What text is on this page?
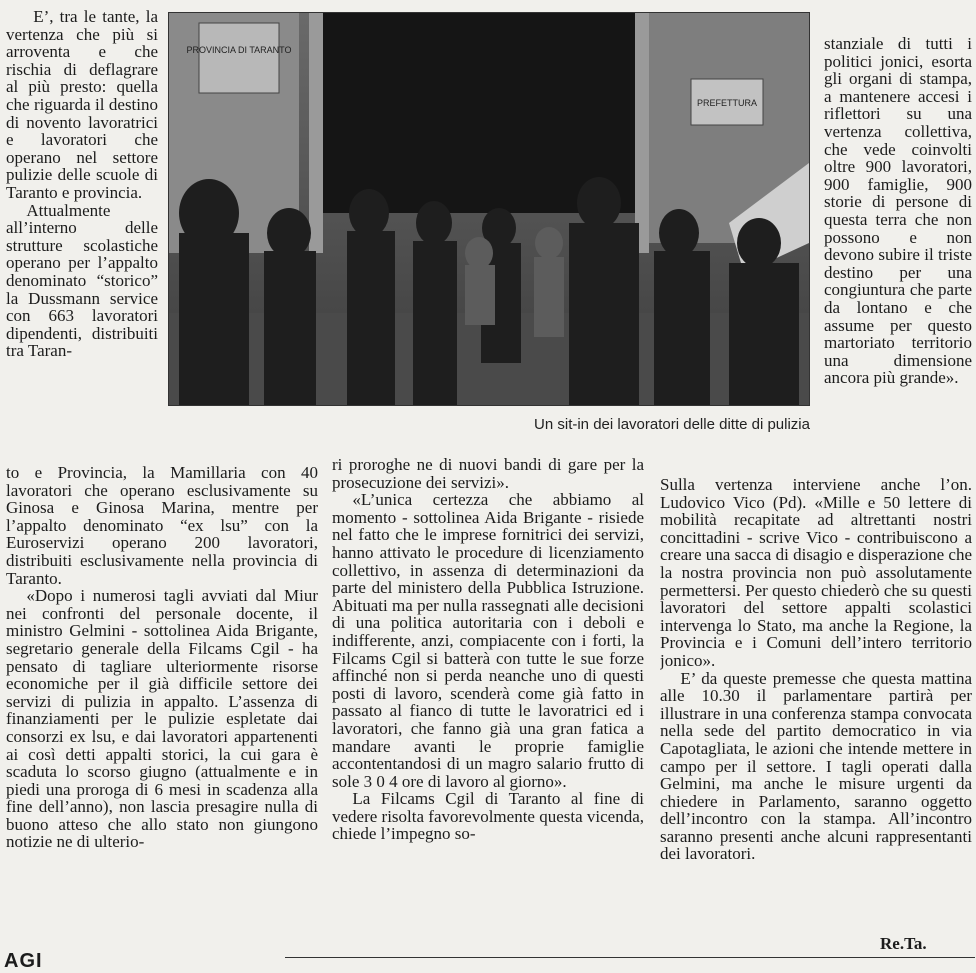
E’, tra le tante, la vertenza che più si arroventa e che rischia di deflagrare al più presto: quella che riguarda il destino di novento lavoratrici e lavoratori che operano nel settore pulizie delle scuole di Taranto e provincia.

Attualmente all’interno delle strutture scolastiche operano per l’appalto denominato “storico” la Dussmann service con 663 lavoratori dipendenti, distribuiti tra Taran-

PROVINCIA DI TARANTO
PREFETTURA
Un sit-in dei lavoratori delle ditte di pulizia

stanziale di tutti i politici jonici, esorta gli organi di stampa, a mantenere accesi i riflettori su una vertenza collettiva, che vede coinvolti oltre 900 lavoratori, 900 famiglie, 900 storie di persone di questa terra che non possono e non devono subire il triste destino per una congiuntura che parte da lontano e che assume per questo martoriato territorio una dimensione ancora più grande».

to e Provincia, la Mamillaria con 40 lavoratori che operano esclusivamente su Ginosa e Ginosa Marina, mentre per l’appalto denominato “ex lsu” con la Euroservizi operano 200 lavoratori, distribuiti esclusivamente nella provincia di Taranto.

«Dopo i numerosi tagli avviati dal Miur nei confronti del personale docente, il ministro Gelmini - sottolinea Aida Brigante, segretario generale della Filcams Cgil - ha pensato di tagliare ulteriormente risorse economiche per il già difficile settore dei servizi di pulizia in appalto. L’assenza di finanziamenti per le pulizie espletate dai consorzi ex lsu, e dai lavoratori appartenenti ai così detti appalti storici, la cui gara è scaduta lo scorso giugno (attualmente e in piedi una proroga di 6 mesi in scadenza alla fine dell’anno), non lascia presagire nulla di buono atteso che allo stato non giungono notizie ne di ulterio-

ri proroghe ne di nuovi bandi di gare per la prosecuzione dei servizi».

«L’unica certezza che abbiamo al momento - sottolinea Aida Brigante - risiede nel fatto che le imprese fornitrici dei servizi, hanno attivato le procedure di licenziamento collettivo, in assenza di determinazioni da parte del ministero della Pubblica Istruzione. Abituati ma per nulla rassegnati alle decisioni di una politica autoritaria con i deboli e indifferente, anzi, compiacente con i forti, la Filcams Cgil si batterà con tutte le sue forze affinché non si perda neanche uno di questi posti di lavoro, scenderà come già fatto in passato al fianco di tutte le lavoratrici ed i lavoratori, che fanno già una gran fatica a mandare avanti le proprie famiglie accontentandosi di un magro salario frutto di sole 3 0 4 ore di lavoro al giorno».

La Filcams Cgil di Taranto al fine di vedere risolta favorevolmente questa vicenda, chiede l’impegno so-

Sulla vertenza interviene anche l’on. Ludovico Vico (Pd). «Mille e 50 lettere di mobilità recapitate ad altrettanti nostri concittadini - scrive Vico - contribuiscono a creare una sacca di disagio e disperazione che la nostra provincia non può assolutamente permettersi. Per questo chiederò che su questi lavoratori del settore appalti scolastici intervenga lo Stato, ma anche la Regione, la Provincia e i Comuni dell’intero territorio jonico».

E’ da queste premesse che questa mattina alle 10.30 il parlamentare partirà per illustrare in una conferenza stampa convocata nella sede del partito democratico in via Capotagliata, le azioni che intende mettere in campo per il settore. I tagli operati dalla Gelmini, ma anche le misure urgenti da chiedere in Parlamento, saranno oggetto dell’incontro con la stampa. All’incontro saranno presenti anche alcuni rappresentanti dei lavoratori.

Re.Ta.
AGI
